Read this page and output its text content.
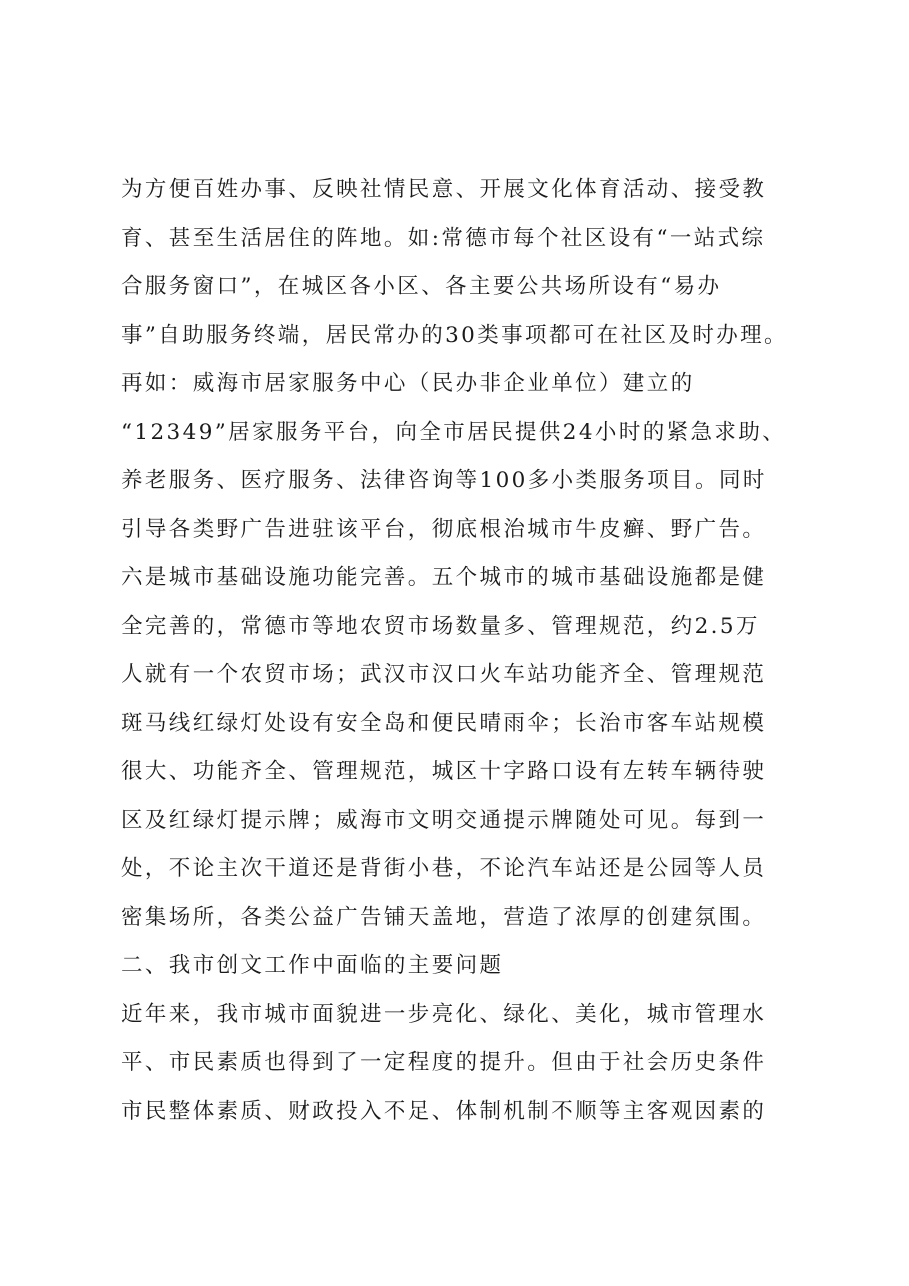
为方便百姓办事、反映社情民意、开展文化体育活动、接受教
育、甚至生活居住的阵地。如:常德市每个社区设有“一站式综
合服务窗口”，在城区各小区、各主要公共场所设有“易办
事”自助服务终端，居民常办的30类事项都可在社区及时办理。
再如：威海市居家服务中心（民办非企业单位）建立的
“12349”居家服务平台，向全市居民提供24小时的紧急求助、
养老服务、医疗服务、法律咨询等100多小类服务项目。同时
引导各类野广告进驻该平台，彻底根治城市牛皮癣、野广告。
六是城市基础设施功能完善。五个城市的城市基础设施都是健
全完善的，常德市等地农贸市场数量多、管理规范，约2.5万
人就有一个农贸市场；武汉市汉口火车站功能齐全、管理规范
斑马线红绿灯处设有安全岛和便民晴雨伞；长治市客车站规模
很大、功能齐全、管理规范，城区十字路口设有左转车辆待驶
区及红绿灯提示牌；威海市文明交通提示牌随处可见。每到一
处，不论主次干道还是背街小巷，不论汽车站还是公园等人员
密集场所，各类公益广告铺天盖地，营造了浓厚的创建氛围。
二、我市创文工作中面临的主要问题
近年来，我市城市面貌进一步亮化、绿化、美化，城市管理水
平、市民素质也得到了一定程度的提升。但由于社会历史条件
市民整体素质、财政投入不足、体制机制不顺等主客观因素的
